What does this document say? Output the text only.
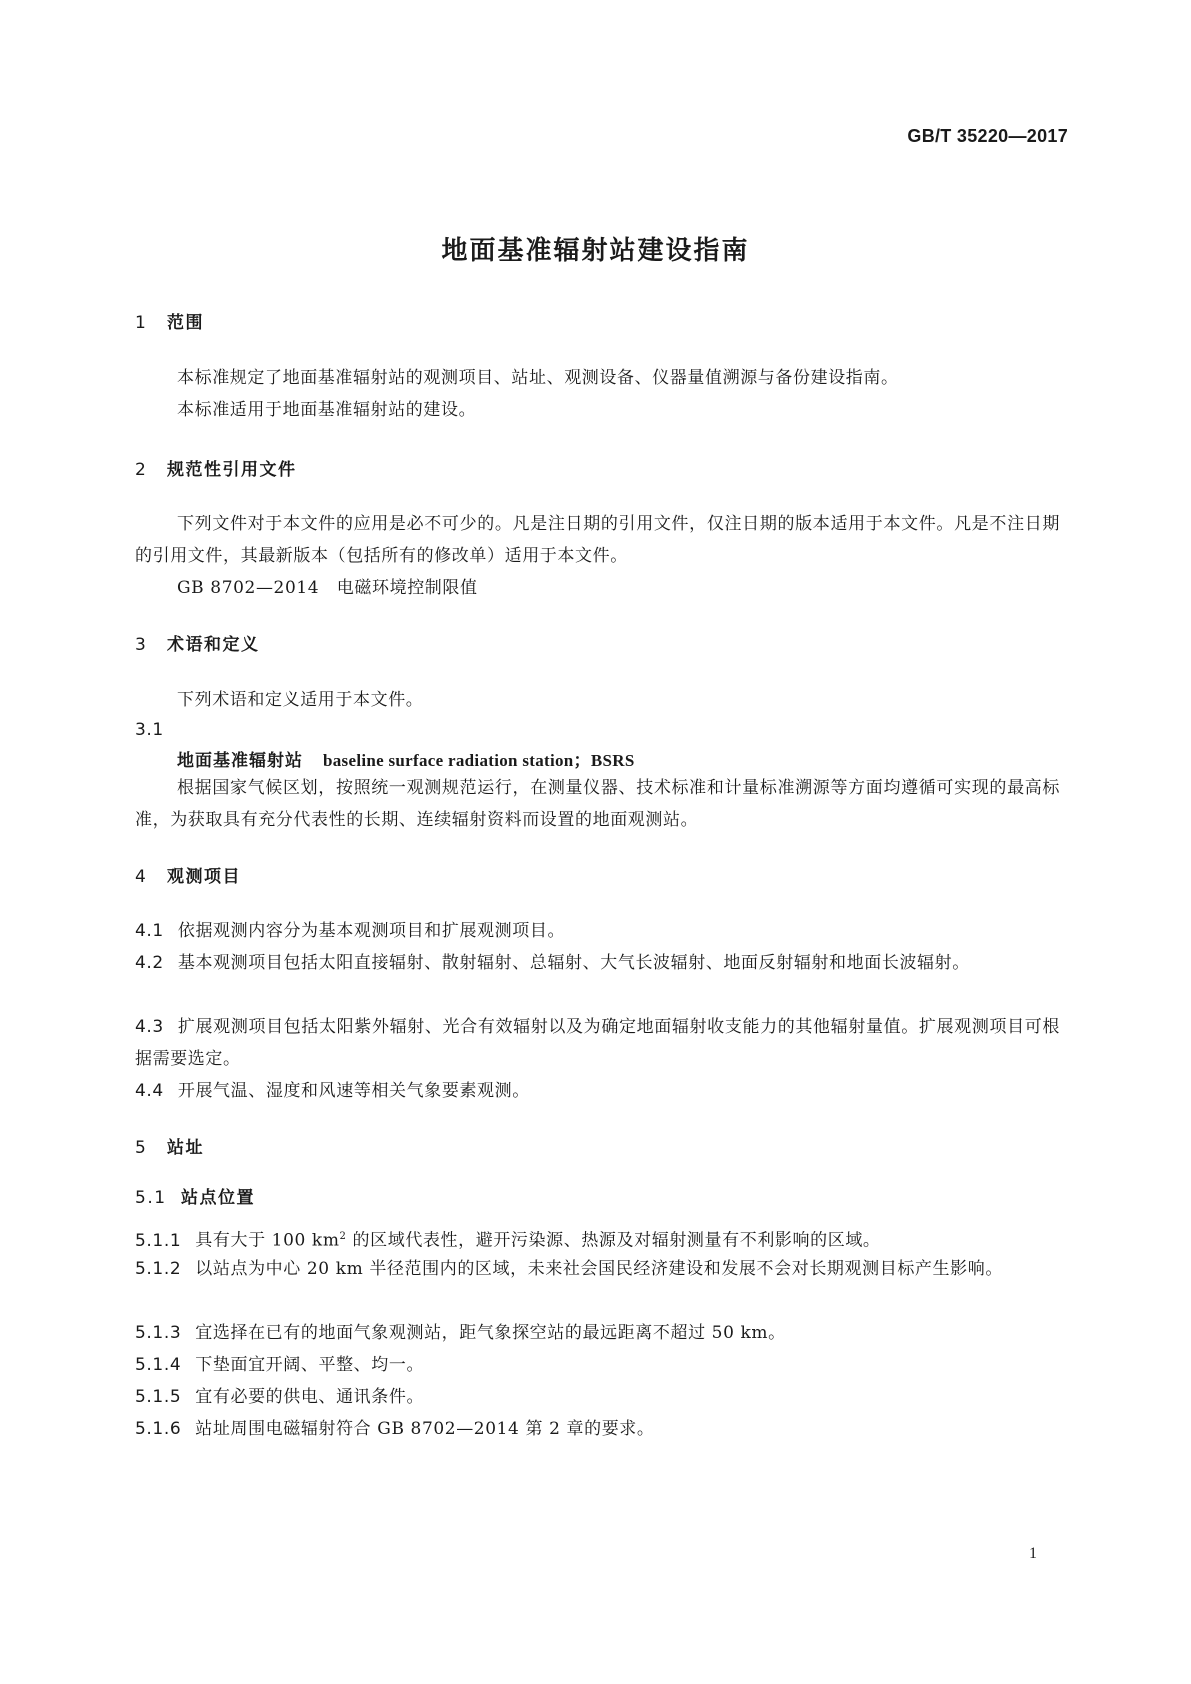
GB/T 35220—2017
地面基准辐射站建设指南
1 范围
本标准规定了地面基准辐射站的观测项目、站址、观测设备、仪器量值溯源与备份建设指南。
本标准适用于地面基准辐射站的建设。
2 规范性引用文件
下列文件对于本文件的应用是必不可少的。凡是注日期的引用文件，仅注日期的版本适用于本文件。凡是不注日期的引用文件，其最新版本（包括所有的修改单）适用于本文件。
GB 8702—2014　电磁环境控制限值
3 术语和定义
下列术语和定义适用于本文件。
3.1
地面基准辐射站 baseline surface radiation station；BSRS
根据国家气候区划，按照统一观测规范运行，在测量仪器、技术标准和计量标准溯源等方面均遵循可实现的最高标准，为获取具有充分代表性的长期、连续辐射资料而设置的地面观测站。
4 观测项目
4.1 依据观测内容分为基本观测项目和扩展观测项目。
4.2 基本观测项目包括太阳直接辐射、散射辐射、总辐射、大气长波辐射、地面反射辐射和地面长波辐射。
4.3 扩展观测项目包括太阳紫外辐射、光合有效辐射以及为确定地面辐射收支能力的其他辐射量值。扩展观测项目可根据需要选定。
4.4 开展气温、湿度和风速等相关气象要素观测。
5 站址
5.1 站点位置
5.1.1 具有大于 100 $km^2$ 的区域代表性，避开污染源、热源及对辐射测量有不利影响的区域。
5.1.2 以站点为中心 20 km 半径范围内的区域，未来社会国民经济建设和发展不会对长期观测目标产生影响。
5.1.3 宜选择在已有的地面气象观测站，距气象探空站的最远距离不超过 50 km。
5.1.4 下垫面宜开阔、平整、均一。
5.1.5 宜有必要的供电、通讯条件。
5.1.6 站址周围电磁辐射符合 GB 8702—2014 第 2 章的要求。
1
